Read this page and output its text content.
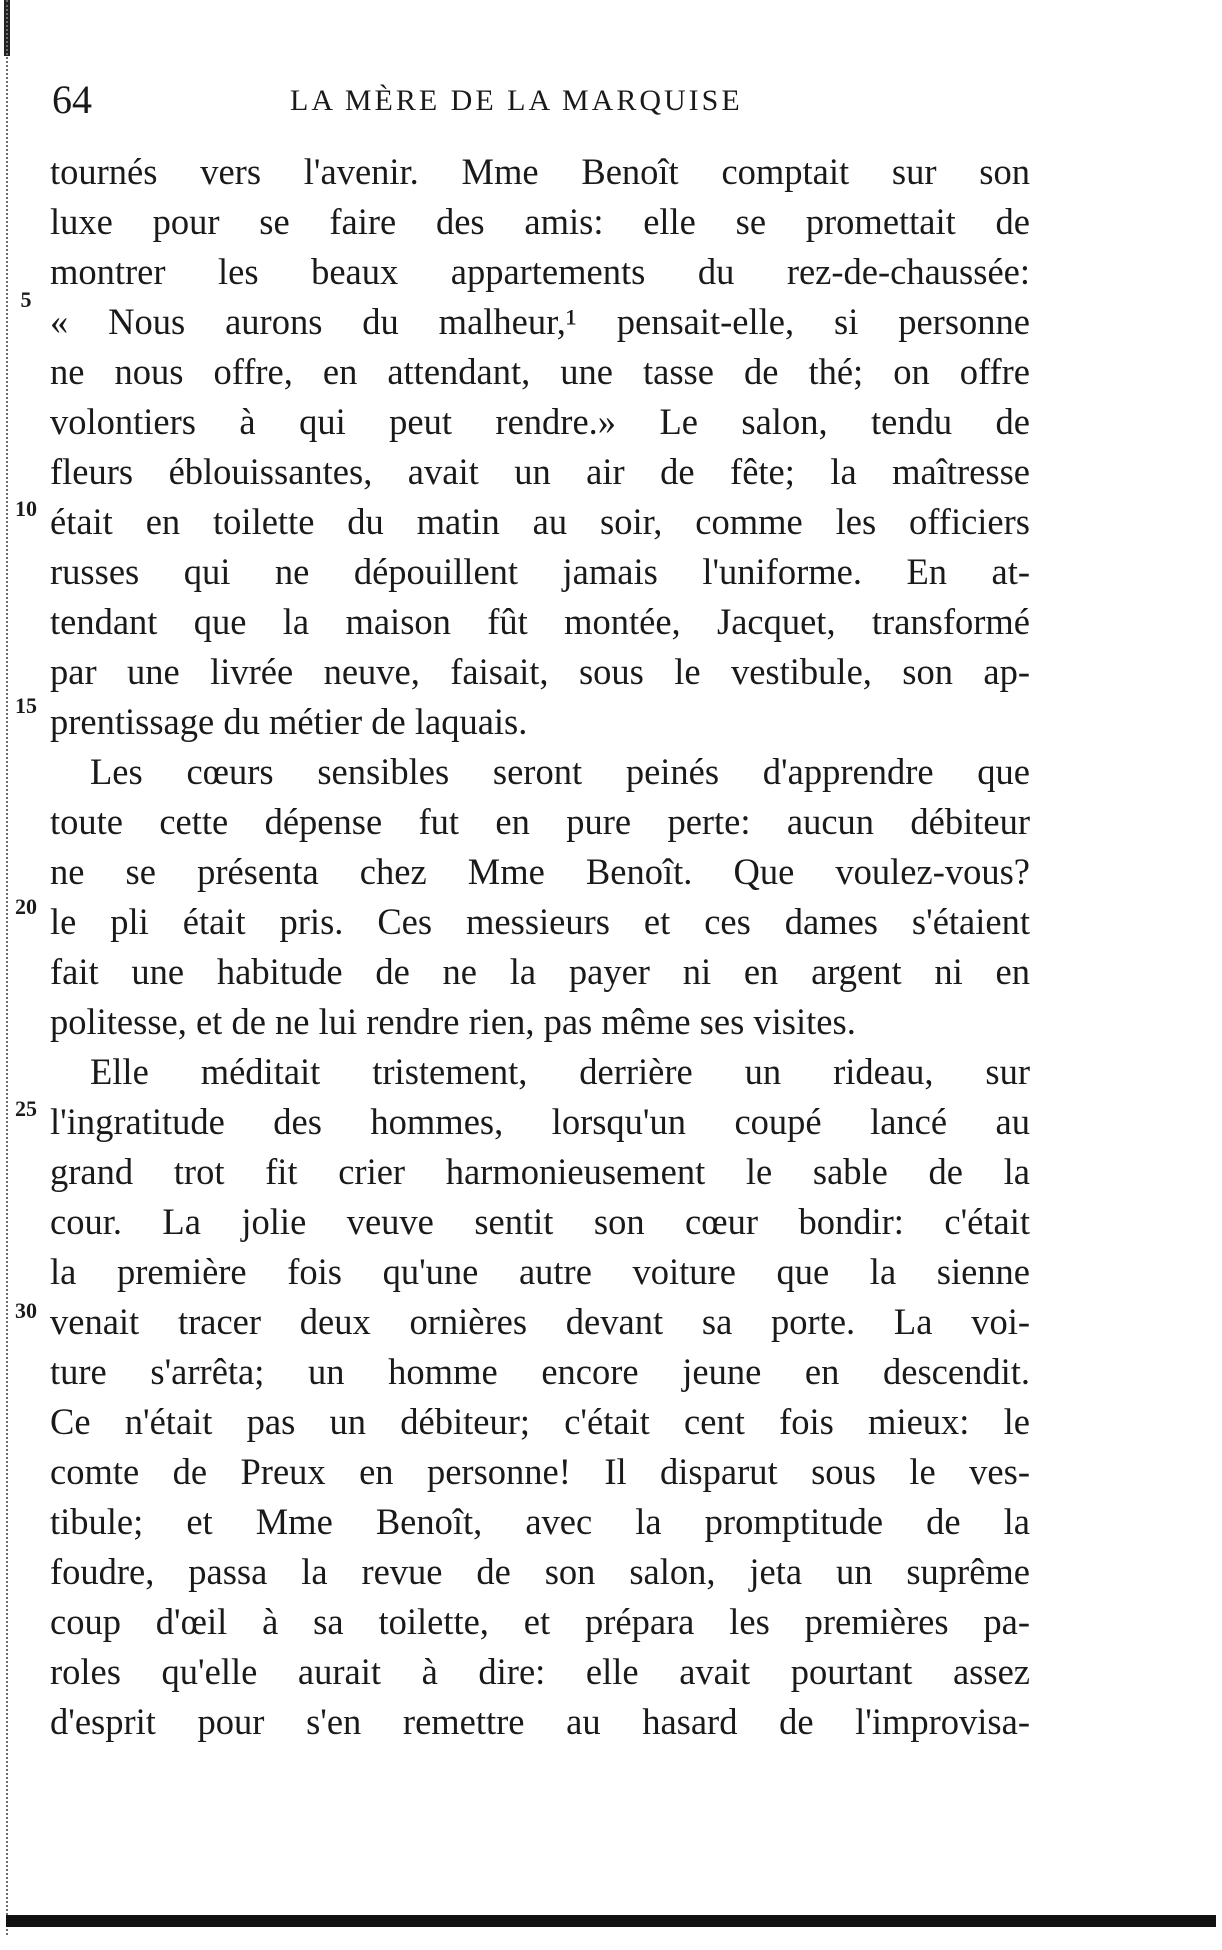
64	LA MÈRE DE LA MARQUISE
5
10
15
20
25
30
tournés vers l'avenir. Mme Benoît comptait sur son
luxe pour se faire des amis: elle se promettait de
montrer les beaux appartements du rez-de-chaussée:
« Nous aurons du malheur,¹ pensait-elle, si personne
ne nous offre, en attendant, une tasse de thé; on offre
volontiers à qui peut rendre.» Le salon, tendu de
fleurs éblouissantes, avait un air de fête; la maîtresse
était en toilette du matin au soir, comme les officiers
russes qui ne dépouillent jamais l'uniforme. En at-
tendant que la maison fût montée, Jacquet, transformé
par une livrée neuve, faisait, sous le vestibule, son ap-
prentissage du métier de laquais.
Les cœurs sensibles seront peinés d'apprendre que
toute cette dépense fut en pure perte: aucun débiteur
ne se présenta chez Mme Benoît. Que voulez-vous?
le pli était pris. Ces messieurs et ces dames s'étaient
fait une habitude de ne la payer ni en argent ni en
politesse, et de ne lui rendre rien, pas même ses visites.
Elle méditait tristement, derrière un rideau, sur
l'ingratitude des hommes, lorsqu'un coupé lancé au
grand trot fit crier harmonieusement le sable de la
cour. La jolie veuve sentit son cœur bondir: c'était
la première fois qu'une autre voiture que la sienne
venait tracer deux ornières devant sa porte. La voi-
ture s'arrêta; un homme encore jeune en descendit.
Ce n'était pas un débiteur; c'était cent fois mieux: le
comte de Preux en personne! Il disparut sous le ves-
tibule; et Mme Benoît, avec la promptitude de la
foudre, passa la revue de son salon, jeta un suprême
coup d'œil à sa toilette, et prépara les premières pa-
roles qu'elle aurait à dire: elle avait pourtant assez
d'esprit pour s'en remettre au hasard de l'improvisa-
